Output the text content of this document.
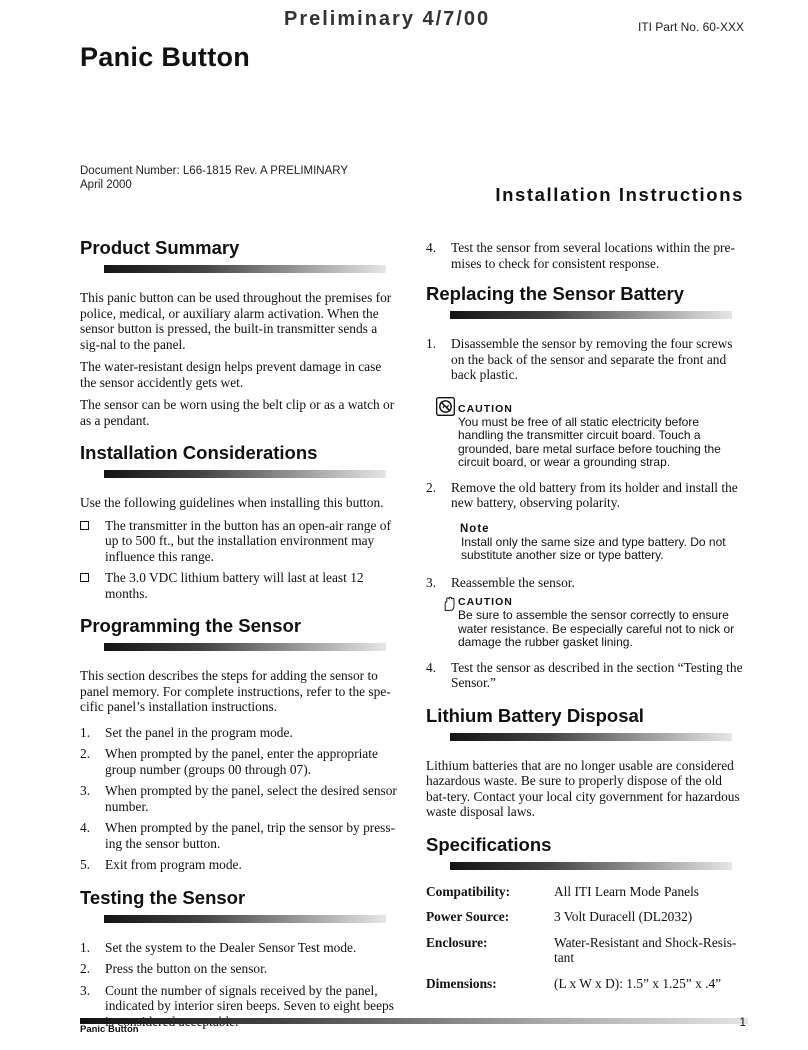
Preliminary 4/7/00	ITI Part No. 60-XXX
Panic Button
Document Number: L66-1815 Rev. A PRELIMINARY
April 2000	Installation Instructions
Product Summary

This panic button can be used throughout the premises for police, medical, or auxiliary alarm activation. When the sensor button is pressed, the built-in transmitter sends a sig-nal to the panel.

The water-resistant design helps prevent damage in case the sensor accidently gets wet.

The sensor can be worn using the belt clip or as a watch or as a pendant.

Installation Considerations

Use the following guidelines when installing this button.

The transmitter in the button has an open-air range of up to 500 ft., but the installation environment may influence this range.
The 3.0 VDC lithium battery will last at least 12 months.
Programming the Sensor

This section describes the steps for adding the sensor to panel memory. For complete instructions, refer to the spe-cific panel’s installation instructions.

1. Set the panel in the program mode.
2. When prompted by the panel, enter the appropriate group number (groups 00 through 07).
3. When prompted by the panel, select the desired sensor number.
4. When prompted by the panel, trip the sensor by press-ing the sensor button.
5. Exit from program mode.
Testing the Sensor
1. Set the system to the Dealer Sensor Test mode.
2. Press the button on the sensor.
3. Count the number of signals received by the panel, indicated by interior siren beeps. Seven to eight beeps
4. Test the sensor from several locations within the pre-mises to check for consistent response.
Replacing the Sensor Battery
1. Disassemble the sensor by removing the four screws on the back of the sensor and separate the front and back plastic.
CAUTION
You must be free of all static electricity before handling the transmitter circuit board. Touch a grounded, bare metal surface before touching the circuit board, or wear a grounding strap.
2. Remove the old battery from its holder and install the new battery, observing polarity.
Note
Install only the same size and type battery. Do not substitute another size or type battery.
3. Reassemble the sensor.
CAUTION
Be sure to assemble the sensor correctly to ensure water resistance. Be especially careful not to nick or damage the rubber gasket lining.
4. Test the sensor as described in the section “Testing the Sensor.”
Lithium Battery Disposal

Lithium batteries that are no longer usable are considered hazardous waste. Be sure to properly dispose of the old bat-tery. Contact your local city government for hazardous waste disposal laws.

Specifications
Compatibility:	All ITI Learn Mode Panels
Power Source:	3 Volt Duracell (DL2032)
Enclosure:	Water-Resistant and Shock-Resis-tant
Dimensions:	(L x W x D): 1.5” x 1.25” x .4”
Panic Button
1
